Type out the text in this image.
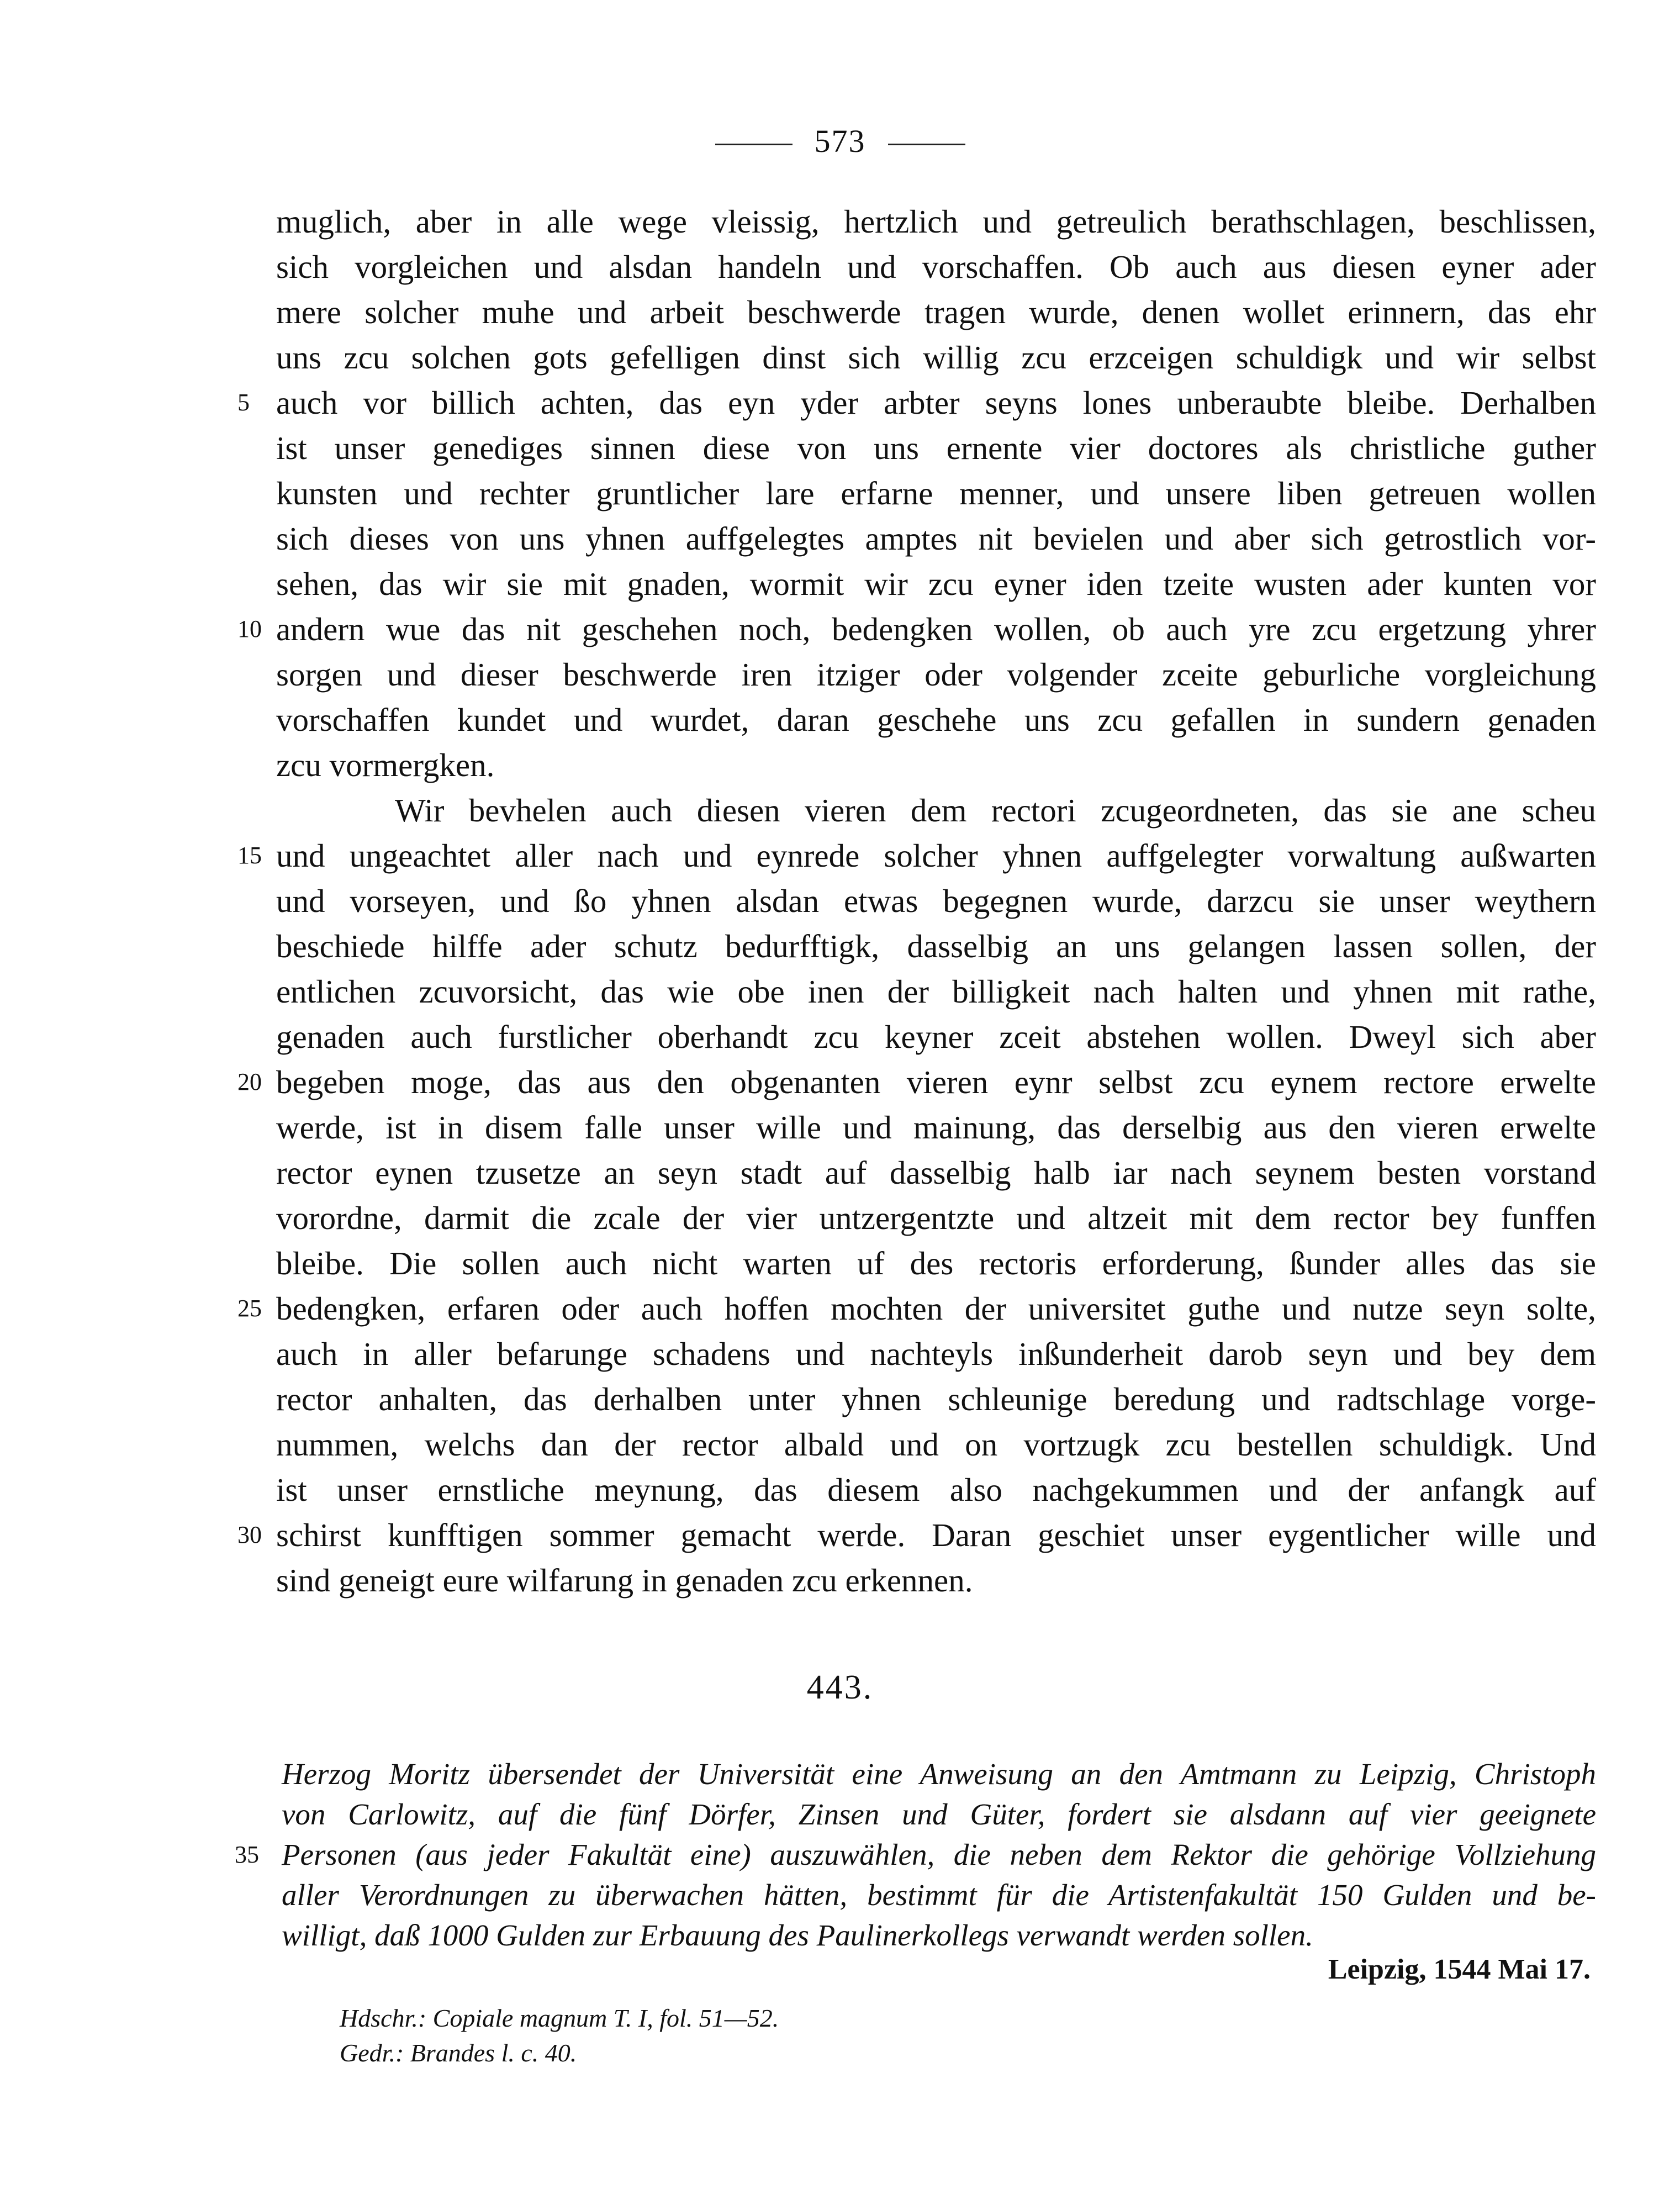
573
muglich, aber in alle wege vleissig, hertzlich und getreulich berathschlagen, beschlissen,
sich vorgleichen und alsdan handeln und vorschaffen. Ob auch aus diesen eyner ader
mere solcher muhe und arbeit beschwerde tragen wurde, denen wollet erinnern, das ehr
uns zcu solchen gots gefelligen dinst sich willig zcu erzceigen schuldigk und wir selbst
5 auch vor billich achten, das eyn yder arbter seyns lones unberaubte bleibe. Derhalben
ist unser genediges sinnen diese von uns ernente vier doctores als christliche guther
kunsten und rechter gruntlicher lare erfarne menner, und unsere liben getreuen wollen
sich dieses von uns yhnen auffgelegtes amptes nit bevielen und aber sich getrostlich vor-
sehen, das wir sie mit gnaden, wormit wir zcu eyner iden tzeite wusten ader kunten vor
10 andern wue das nit geschehen noch, bedengken wollen, ob auch yre zcu ergetzung yhrer
sorgen und dieser beschwerde iren itziger oder volgender zceite geburliche vorgleichung
vorschaffen kundet und wurdet, daran geschehe uns zcu gefallen in sundern genaden
zcu vormergken.
Wir bevhelen auch diesen vieren dem rectori zcugeordneten, das sie ane scheu
15 und ungeachtet aller nach und eynrede solcher yhnen auffgelegter vorwaltung außwarten
und vorseyen, und ßo yhnen alsdan etwas begegnen wurde, darzcu sie unser weythern
beschiede hilffe ader schutz bedurfftigk, dasselbig an uns gelangen lassen sollen, der
entlichen zcuvorsicht, das wie obe inen der billigkeit nach halten und yhnen mit rathe,
genaden auch furstlicher oberhandt zcu keyner zceit abstehen wollen. Dweyl sich aber
20 begeben moge, das aus den obgenanten vieren eynr selbst zcu eynem rectore erwelte
werde, ist in disem falle unser wille und mainung, das derselbig aus den vieren erwelte
rector eynen tzusetze an seyn stadt auf dasselbig halb iar nach seynem besten vorstand
vorordne, darmit die zcale der vier untzergentzte und altzeit mit dem rector bey funffen
bleibe. Die sollen auch nicht warten uf des rectoris erforderung, ßunder alles das sie
25 bedengken, erfaren oder auch hoffen mochten der universitet guthe und nutze seyn solte,
auch in aller befarunge schadens und nachteyls inßunderheit darob seyn und bey dem
rector anhalten, das derhalben unter yhnen schleunige beredung und radtschlage vorge-
nummen, welchs dan der rector albald und on vortzugk zcu bestellen schuldigk. Und
ist unser ernstliche meynung, das diesem also nachgekummen und der anfangk auf
30 schirst kunfftigen sommer gemacht werde. Daran geschiet unser eygentlicher wille und
sind geneigt eure wilfarung in genaden zcu erkennen.
443.
Herzog Moritz übersendet der Universität eine Anweisung an den Amtmann zu Leipzig, Christoph
von Carlowitz, auf die fünf Dörfer, Zinsen und Güter, fordert sie alsdann auf vier geeignete
35 Personen (aus jeder Fakultät eine) auszuwählen, die neben dem Rektor die gehörige Vollziehung
aller Verordnungen zu überwachen hätten, bestimmt für die Artistenfakultät 150 Gulden und be-
willigt, daß 1000 Gulden zur Erbauung des Paulinerkollegs verwandt werden sollen.
Leipzig, 1544 Mai 17.
Hdschr.: Copiale magnum T. I, fol. 51—52.
Gedr.: Brandes l. c. 40.
